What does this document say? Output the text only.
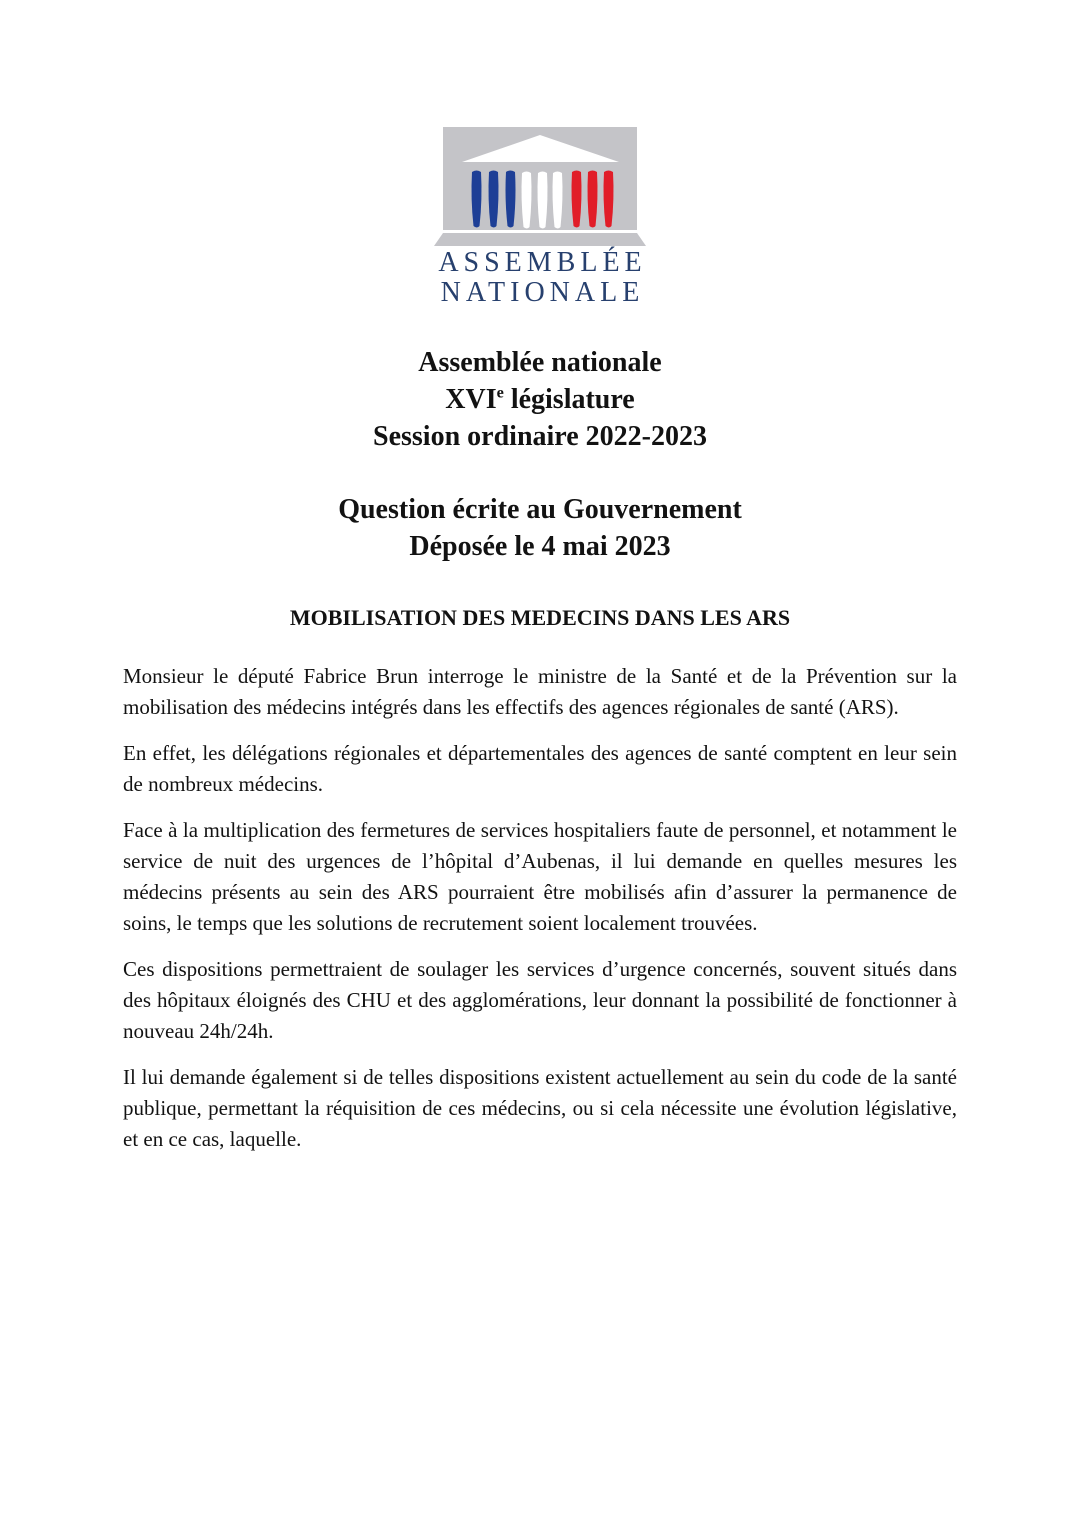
ASSEMBLÉE
NATIONALE
Assemblée nationale
XVIe législature
Session ordinaire 2022-2023
Question écrite au Gouvernement
Déposée le 4 mai 2023
MOBILISATION DES MEDECINS DANS LES ARS

Monsieur le député Fabrice Brun interroge le ministre de la Santé et de la Prévention sur la mobilisation des médecins intégrés dans les effectifs des agences régionales de santé (ARS).

En effet, les délégations régionales et départementales des agences de santé comptent en leur sein de nombreux médecins.

Face à la multiplication des fermetures de services hospitaliers faute de personnel, et notamment le service de nuit des urgences de l’hôpital d’Aubenas, il lui demande en quelles mesures les médecins présents au sein des ARS pourraient être mobilisés afin d’assurer la permanence de soins, le temps que les solutions de recrutement soient localement trouvées.

Ces dispositions permettraient de soulager les services d’urgence concernés, souvent situés dans des hôpitaux éloignés des CHU et des agglomérations, leur donnant la possibilité de fonctionner à nouveau 24h/24h.

Il lui demande également si de telles dispositions existent actuellement au sein du code de la santé publique, permettant la réquisition de ces médecins, ou si cela nécessite une évolution législative, et en ce cas, laquelle.
